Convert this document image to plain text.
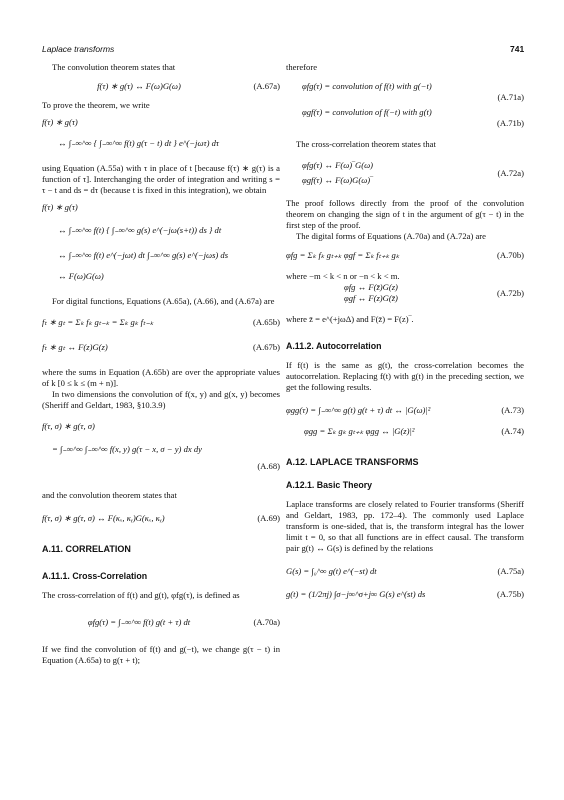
Laplace transforms	741

The convolution theorem states that

f(τ) ∗ g(τ) ↔ F(ω)G(ω)	(A.67a)

To prove the theorem, we write

f(τ) ∗ g(τ)
↔ ∫₋∞^∞ { ∫₋∞^∞ f(t) g(τ − t) dt } e^(−jωτ) dτ

using Equation (A.55a) with τ in place of t [because f(τ) ∗ g(τ) is a function of τ]. Interchanging the order of integration and writing s = τ − t and ds = dτ (because t is fixed in this integration), we obtain

f(τ) ∗ g(τ)
↔ ∫₋∞^∞ f(t) { ∫₋∞^∞ g(s) e^(−jω(s+t)) ds } dt
↔ ∫₋∞^∞ f(t) e^(−jωt) dt ∫₋∞^∞ g(s) e^(−jωs) ds
↔ F(ω)G(ω)

For digital functions, Equations (A.65a), (A.66), and (A.67a) are

fₜ ∗ gₜ = Σₖ fₖ gₜ₋ₖ = Σₖ gₖ fₜ₋ₖ	(A.65b)
fₜ ∗ gₜ ↔ F(z)G(z)	(A.67b)

where the sums in Equation (A.65b) are over the appropriate values of k [0 ≤ k ≤ (m + n)].

In two dimensions the convolution of f(x, y) and g(x, y) becomes (Sheriff and Geldart, 1983, §10.3.9)

f(τ, σ) ∗ g(τ, σ)
= ∫₋∞^∞ ∫₋∞^∞ f(x, y) g(τ − x, σ − y) dx dy
(A.68)

and the convolution theorem states that

f(τ, σ) ∗ g(τ, σ) ↔ F(κₓ, κᵧ)G(κₓ, κᵧ)	(A.69)

A.11. CORRELATION

A.11.1. Cross-Correlation

The cross-correlation of f(t) and g(t), φfg(τ), is defined as

φfg(τ) = ∫₋∞^∞ f(t) g(t + τ) dt	(A.70a)

If we find the convolution of f(t) and g(−t), we change g(τ − t) in Equation (A.65a) to g(τ + t);

therefore

φfg(τ) = convolution of f(t) with g(−t)
(A.71a)
φgf(τ) = convolution of f(−t) with g(t)
(A.71b)

The cross-correlation theorem states that

φfg(τ) ↔ F(ω)‾G(ω)
φgf(τ) ↔ F(ω)G(ω)‾
(A.72a)

The proof follows directly from the proof of the convolution theorem on changing the sign of t in the argument of g(τ − t) in the first step of the proof.

The digital forms of Equations (A.70a) and (A.72a) are

φfg = Σₖ fₖ gₜ₊ₖ φgf = Σₖ fₜ₊ₖ gₖ	(A.70b)

where −m < k < n or −n < k < m.

φfg ↔ F(z̄)G(z)
φgf ↔ F(z)G(z̄)
(A.72b)

where z̄ = e^(+jωΔ) and F(z̄) = F(z)‾.

A.11.2. Autocorrelation

If f(t) is the same as g(t), the cross-correlation becomes the autocorrelation. Replacing f(t) with g(t) in the preceding section, we get the following results.

φgg(τ) = ∫₋∞^∞ g(t) g(t + τ) dt ↔ |G(ω)|²	(A.73)
φgg = Σₖ gₖ gₜ₊ₖ φgg ↔ |G(z)|²	(A.74)

A.12. LAPLACE TRANSFORMS

A.12.1. Basic Theory

Laplace transforms are closely related to Fourier transforms (Sheriff and Geldart, 1983, pp. 172–4). The commonly used Laplace transform is one-sided, that is, the transform integral has the lower limit t = 0, so that all functions are in effect causal. The transform pair g(t) ↔ G(s) is defined by the relations

G(s) = ∫₀^∞ g(t) e^(−st) dt	(A.75a)
g(t) = (1/2πj) ∫σ−j∞^σ+j∞ G(s) e^(st) ds	(A.75b)
